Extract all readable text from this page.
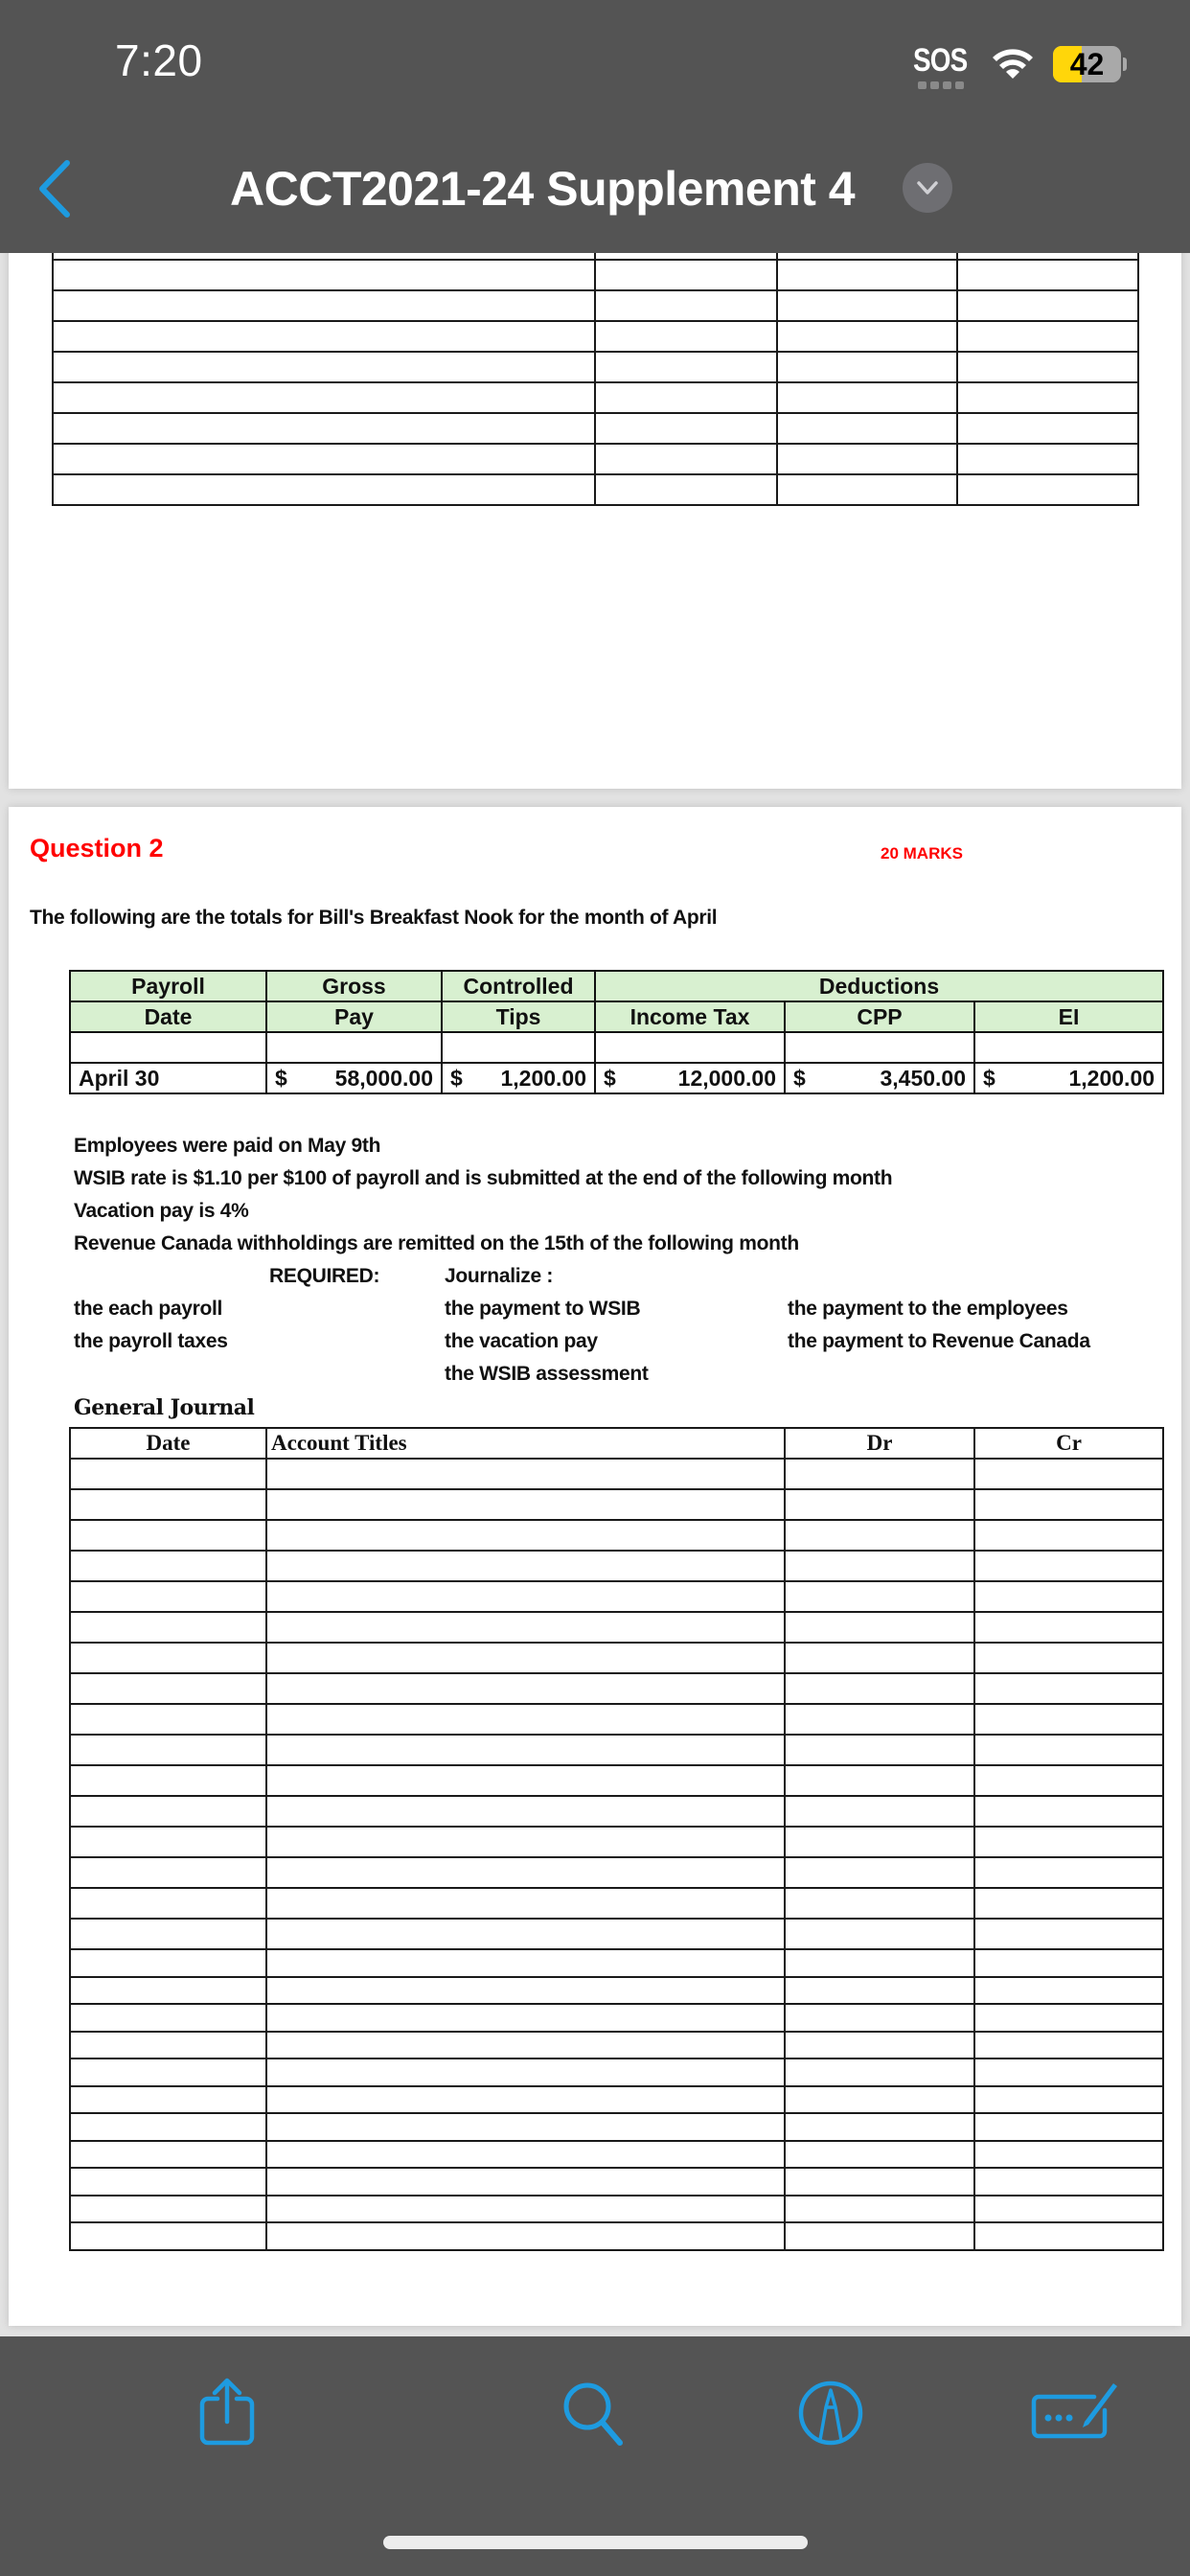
Question 2	20 MARKS
The following are the totals for Bill's Breakfast Nook for the month of April
Payroll	Gross	Controlled	Deductions		
Date	Pay	Tips	Income Tax	CPP	EI

April 30	$ 58,000.00	$ 1,200.00	$ 12,000.00	$ 3,450.00	$ 1,200.00
Employees were paid on May 9th
WSIB rate is $1.10 per $100 of payroll and is submitted at the end of the following month
Vacation pay is 4%
Revenue Canada withholdings are remitted on the 15th of the following month
REQUIRED:	Journalize :
the each payroll
the payroll taxes
the payment to WSIB
the vacation pay
the WSIB assessment
the payment to the employees
the payment to Revenue Canada
General Journal
Date	Account Titles	Dr	Cr

7:20	SOS	42
ACCT2021-24 Supplement 4
